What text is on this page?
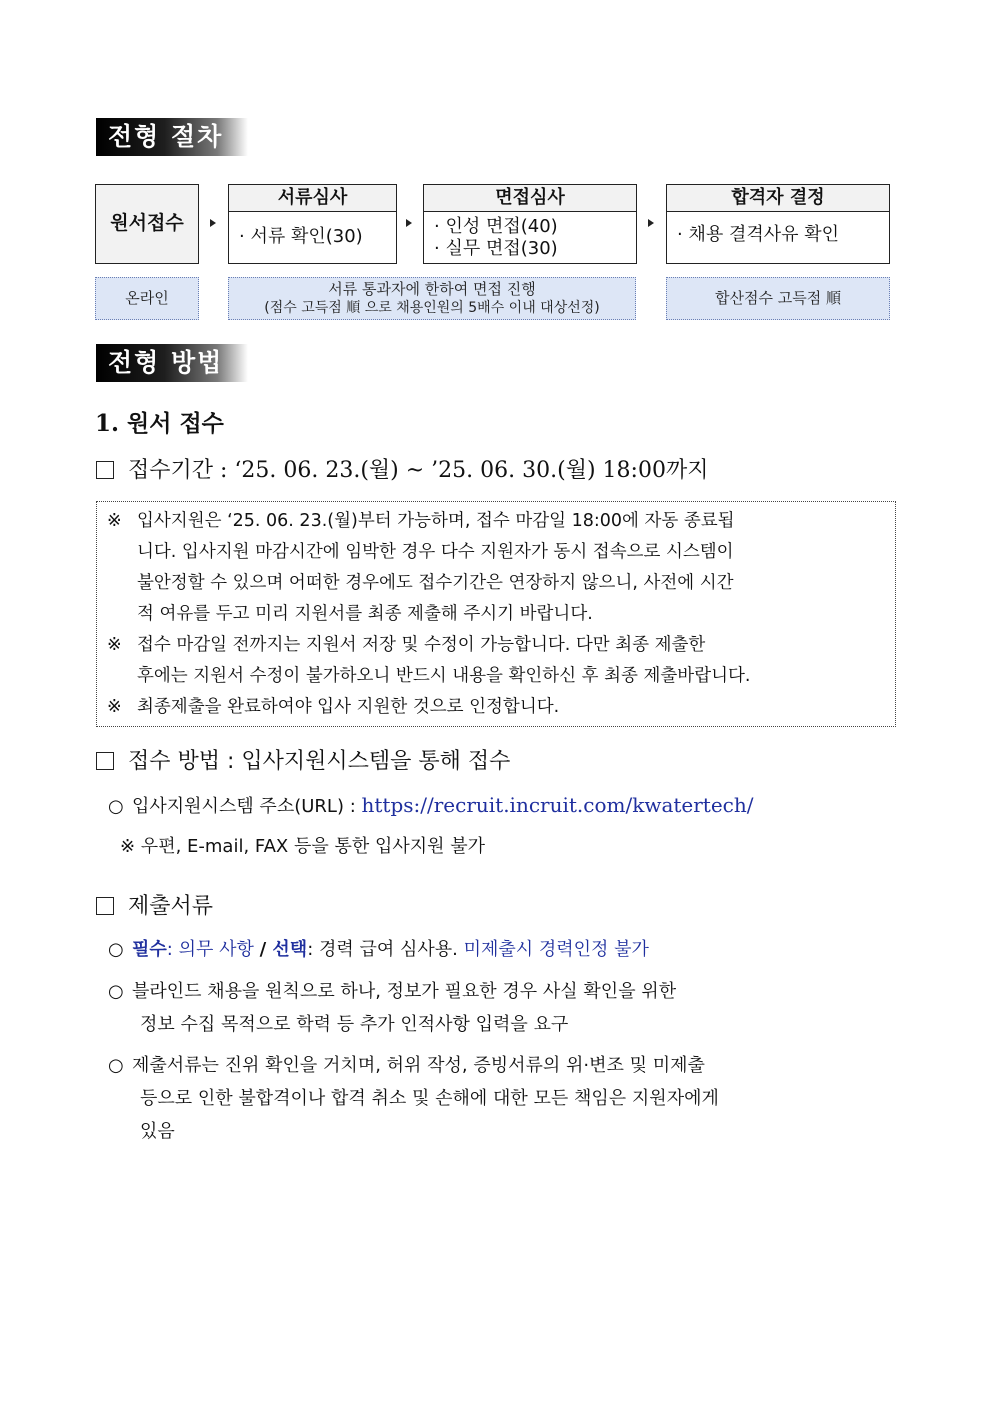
전형 절차
원서접수
서류심사
· 서류 확인(30)
면접심사
· 인성 면접(40)
· 실무 면접(30)
합격자 결정
· 채용 결격사유 확인
온라인	서류 통과자에 한하여 면접 진행
(점수 고득점 順 으로 채용인원의 5배수 이내 대상선정)
합산점수 고득점 順
전형 방법
1. 원서 접수
접수기간 : ‘25. 06. 23.(월) ~ ’25. 06. 30.(월) 18:00까지
※ 입사지원은 ‘25. 06. 23.(월)부터 가능하며, 접수 마감일 18:00에 자동 종료됩
니다. 입사지원 마감시간에 임박한 경우 다수 지원자가 동시 접속으로 시스템이
불안정할 수 있으며 어떠한 경우에도 접수기간은 연장하지 않으니, 사전에 시간
적 여유를 두고 미리 지원서를 최종 제출해 주시기 바랍니다.
※ 접수 마감일 전까지는 지원서 저장 및 수정이 가능합니다. 다만 최종 제출한
후에는 지원서 수정이 불가하오니 반드시 내용을 확인하신 후 최종 제출바랍니다.
※ 최종제출을 완료하여야 입사 지원한 것으로 인정합니다.
접수 방법 : 입사지원시스템을 통해 접수
○ 입사지원시스템 주소(URL) : https://recruit.incruit.com/kwatertech/
※ 우편, E-mail, FAX 등을 통한 입사지원 불가
제출서류
○ 필수: 의무 사항 / 선택: 경력 급여 심사용. 미제출시 경력인정 불가
○ 블라인드 채용을 원칙으로 하나, 정보가 필요한 경우 사실 확인을 위한
정보 수집 목적으로 학력 등 추가 인적사항 입력을 요구
○ 제출서류는 진위 확인을 거치며, 허위 작성, 증빙서류의 위·변조 및 미제출
등으로 인한 불합격이나 합격 취소 및 손해에 대한 모든 책임은 지원자에게
있음
